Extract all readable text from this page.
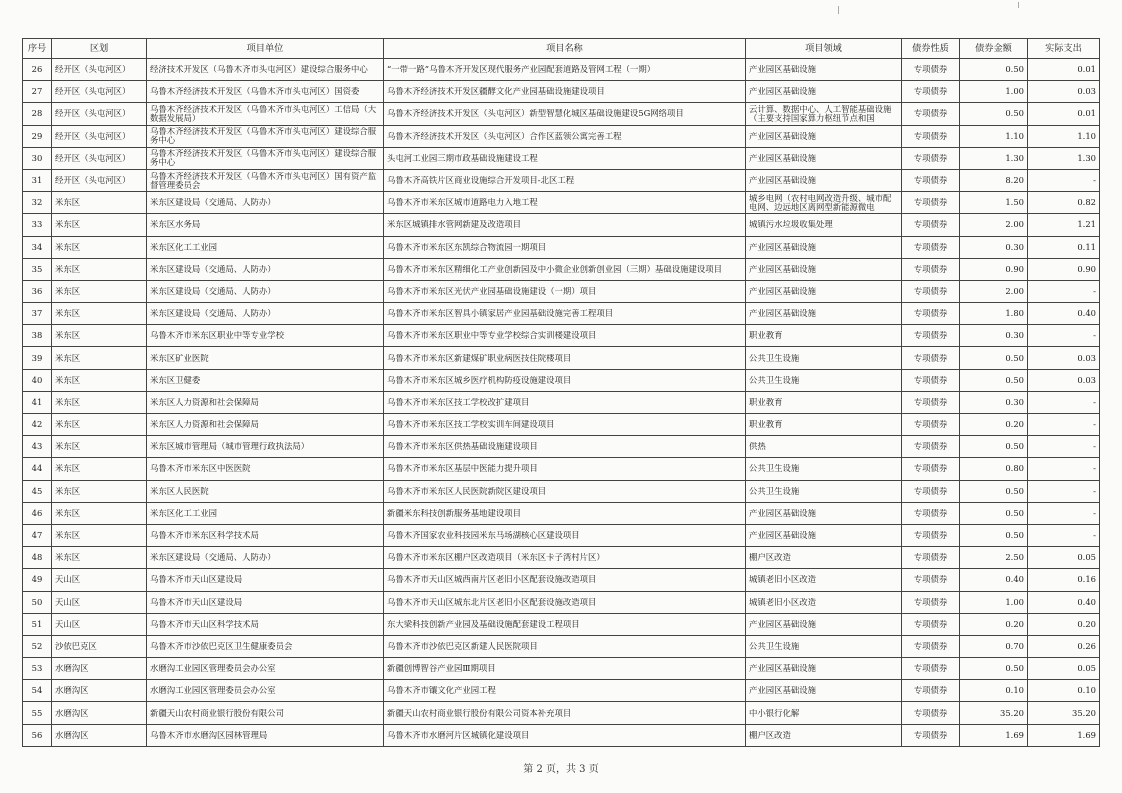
序号	区划	项目单位	项目名称	项目领域	债券性质	债券金额	实际支出

26	经开区（头屯河区）	经济技术开发区（乌鲁木齐市头屯河区）建设综合服务中心	“一带一路”乌鲁木齐开发区现代服务产业园配套道路及管网工程（一期）	产业园区基础设施	专项债券	0.50	0.01

27	经开区（头屯河区）	乌鲁木齐经济技术开发区（乌鲁木齐市头屯河区）国资委	乌鲁木齐经济技术开发区疆酵文化产业园基础设施建设项目	产业园区基础设施	专项债券	1.00	0.03

28	经开区（头屯河区）	乌鲁木齐经济技术开发区（乌鲁木齐市头屯河区）工信局（大数据发展局）	乌鲁木齐经济技术开发区（头屯河区）新型智慧化城区基础设施建设5G网络项目	云计算、数据中心、人工智能基础设施（主要支持国家算力枢纽节点和国	专项债券	0.50	0.01

29	经开区（头屯河区）	乌鲁木齐经济技术开发区（乌鲁木齐市头屯河区）建设综合服务中心	乌鲁木齐经济技术开发区（头屯河区）合作区蓝领公寓完善工程	产业园区基础设施	专项债券	1.10	1.10

30	经开区（头屯河区）	乌鲁木齐经济技术开发区（乌鲁木齐市头屯河区）建设综合服务中心	头屯河工业园三期市政基础设施建设工程	产业园区基础设施	专项债券	1.30	1.30

31	经开区（头屯河区）	乌鲁木齐经济技术开发区（乌鲁木齐市头屯河区）国有资产监督管理委员会	乌鲁木齐高铁片区商业设施综合开发项目-北区工程	产业园区基础设施	专项债券	8.20	-

32	米东区	米东区建设局（交通局、人防办）	乌鲁木齐市米东区城市道路电力入地工程	城乡电网（农村电网改造升级、城市配电网、边远地区离网型新能源微电	专项债券	1.50	0.82

33	米东区	米东区水务局	米东区城镇排水管网新建及改造项目	城镇污水垃圾收集处理	专项债券	2.00	1.21

34	米东区	米东区化工工业园	乌鲁木齐市米东区东凯综合物流园一期项目	产业园区基础设施	专项债券	0.30	0.11

35	米东区	米东区建设局（交通局、人防办）	乌鲁木齐市米东区精细化工产业创新园及中小微企业创新创业园（三期）基础设施建设项目	产业园区基础设施	专项债券	0.90	0.90

36	米东区	米东区建设局（交通局、人防办）	乌鲁木齐市米东区光伏产业园基础设施建设（一期）项目	产业园区基础设施	专项债券	2.00	-

37	米东区	米东区建设局（交通局、人防办）	乌鲁木齐市米东区智具小镇家居产业园基础设施完善工程项目	产业园区基础设施	专项债券	1.80	0.40

38	米东区	乌鲁木齐市米东区职业中等专业学校	乌鲁木齐市米东区职业中等专业学校综合实训楼建设项目	职业教育	专项债券	0.30	-

39	米东区	米东区矿业医院	乌鲁木齐市米东区新建煤矿职业病医技住院楼项目	公共卫生设施	专项债券	0.50	0.03

40	米东区	米东区卫健委	乌鲁木齐市米东区城乡医疗机构防疫设施建设项目	公共卫生设施	专项债券	0.50	0.03

41	米东区	米东区人力资源和社会保障局	乌鲁木齐市米东区技工学校改扩建项目	职业教育	专项债券	0.30	-

42	米东区	米东区人力资源和社会保障局	乌鲁木齐市米东区技工学校实训车间建设项目	职业教育	专项债券	0.20	-

43	米东区	米东区城市管理局（城市管理行政执法局）	乌鲁木齐市米东区供热基础设施建设项目	供热	专项债券	0.50	-

44	米东区	乌鲁木齐市米东区中医医院	乌鲁木齐市米东区基层中医能力提升项目	公共卫生设施	专项债券	0.80	-

45	米东区	米东区人民医院	乌鲁木齐市米东区人民医院新院区建设项目	公共卫生设施	专项债券	0.50	-

46	米东区	米东区化工工业园	新疆米东科技创新服务基地建设项目	产业园区基础设施	专项债券	0.50	-

47	米东区	乌鲁木齐市米东区科学技术局	乌鲁木齐国家农业科技园米东马场湖核心区建设项目	产业园区基础设施	专项债券	0.50	-

48	米东区	米东区建设局（交通局、人防办）	乌鲁木齐市米东区棚户区改造项目（米东区卡子湾村片区）	棚户区改造	专项债券	2.50	0.05

49	天山区	乌鲁木齐市天山区建设局	乌鲁木齐市天山区城西南片区老旧小区配套设施改造项目	城镇老旧小区改造	专项债券	0.40	0.16

50	天山区	乌鲁木齐市天山区建设局	乌鲁木齐市天山区城东北片区老旧小区配套设施改造项目	城镇老旧小区改造	专项债券	1.00	0.40

51	天山区	乌鲁木齐市天山区科学技术局	东大梁科技创新产业园及基础设施配套建设工程项目	产业园区基础设施	专项债券	0.20	0.20

52	沙依巴克区	乌鲁木齐市沙依巴克区卫生健康委员会	乌鲁木齐市沙依巴克区新建人民医院项目	公共卫生设施	专项债券	0.70	0.26

53	水磨沟区	水磨沟工业园区管理委员会办公室	新疆创博智谷产业园Ⅲ期项目	产业园区基础设施	专项债券	0.50	0.05

54	水磨沟区	水磨沟工业园区管理委员会办公室	乌鲁木齐市镶文化产业园工程	产业园区基础设施	专项债券	0.10	0.10

55	水磨沟区	新疆天山农村商业银行股份有限公司	新疆天山农村商业银行股份有限公司资本补充项目	中小银行化解	专项债券	35.20	35.20

56	水磨沟区	乌鲁木齐市水磨沟区园林管理局	乌鲁木齐市水磨河片区城镇化建设项目	棚户区改造	专项债券	1.69	1.69
第 2 页，共 3 页
